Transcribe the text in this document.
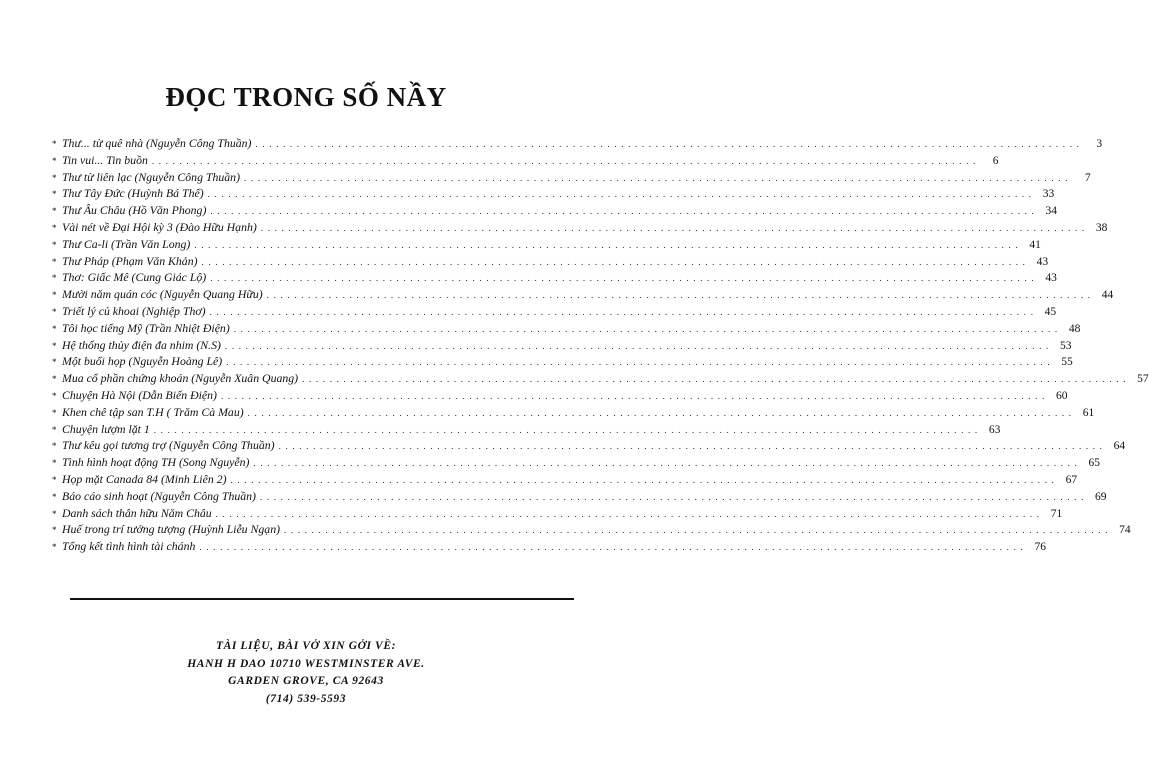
ĐỌC TRONG SỐ NẦY
* Thư... từ quê nhà (Nguyễn Công Thuần) . . . . . . . . . . . . . . . . . . . . . . . . . . . . . . . . . . . . . . . . . . . . . . . . . . . . . . . . . . . . . . . . . . . . . . . . . . . . . . . . . . . . . . . . . . . . . . . . . . . . . . . . . . . . . . . . . . . . . . . .	3
* Tin vui... Tin buồn . . . . . . . . . . . . . . . . . . . . . . . . . . . . . . . . . . . . . . . . . . . . . . . . . . . . . . . . . . . . . . . . . . . . . . . . . . . . . . . . . . . . . . . . . . . . . . . . . . . . . . . . . . . . . . . . . . . . . . . .	6
* Thư từ liên lạc (Nguyễn Công Thuần) . . . . . . . . . . . . . . . . . . . . . . . . . . . . . . . . . . . . . . . . . . . . . . . . . . . . . . . . . . . . . . . . . . . . . . . . . . . . . . . . . . . . . . . . . . . . . . . . . . . . . . . . . . . . . . . . . . . . . . . .	7
* Thư Tây Đức (Huỳnh Bá Thể) . . . . . . . . . . . . . . . . . . . . . . . . . . . . . . . . . . . . . . . . . . . . . . . . . . . . . . . . . . . . . . . . . . . . . . . . . . . . . . . . . . . . . . . . . . . . . . . . . . . . . . . . . . . . . . . . . . . . . . . . 33
* Thư Âu Châu (Hồ Văn Phong) . . . . . . . . . . . . . . . . . . . . . . . . . . . . . . . . . . . . . . . . . . . . . . . . . . . . . . . . . . . . . . . . . . . . . . . . . . . . . . . . . . . . . . . . . . . . . . . . . . . . . . . . . . . . . . . . . . . . . . . . 34
* Vài nét về Đại Hội kỳ 3 (Đào Hữu Hạnh) . . . . . . . . . . . . . . . . . . . . . . . . . . . . . . . . . . . . . . . . . . . . . . . . . . . . . . . . . . . . . . . . . . . . . . . . . . . . . . . . . . . . . . . . . . . . . . . . . . . . . . . . . . . . . . . . . . . . . . . . 38
* Thư Ca-li (Trần Văn Long) . . . . . . . . . . . . . . . . . . . . . . . . . . . . . . . . . . . . . . . . . . . . . . . . . . . . . . . . . . . . . . . . . . . . . . . . . . . . . . . . . . . . . . . . . . . . . . . . . . . . . . . . . . . . . . . . . . . . . . . . 41
* Thư Pháp (Phạm Văn Khản) . . . . . . . . . . . . . . . . . . . . . . . . . . . . . . . . . . . . . . . . . . . . . . . . . . . . . . . . . . . . . . . . . . . . . . . . . . . . . . . . . . . . . . . . . . . . . . . . . . . . . . . . . . . . . . . . . . . . . . . . 43
* Thơ: Giấc Mê (Cung Giác Lộ) . . . . . . . . . . . . . . . . . . . . . . . . . . . . . . . . . . . . . . . . . . . . . . . . . . . . . . . . . . . . . . . . . . . . . . . . . . . . . . . . . . . . . . . . . . . . . . . . . . . . . . . . . . . . . . . . . . . . . . . . 43
* Mười năm quán cóc (Nguyễn Quang Hữu) . . . . . . . . . . . . . . . . . . . . . . . . . . . . . . . . . . . . . . . . . . . . . . . . . . . . . . . . . . . . . . . . . . . . . . . . . . . . . . . . . . . . . . . . . . . . . . . . . . . . . . . . . . . . . . . . . . . . . . . . 44
* Triết lý củ khoai (Nghiệp Thơ) . . . . . . . . . . . . . . . . . . . . . . . . . . . . . . . . . . . . . . . . . . . . . . . . . . . . . . . . . . . . . . . . . . . . . . . . . . . . . . . . . . . . . . . . . . . . . . . . . . . . . . . . . . . . . . . . . . . . . . . . 45
* Tôi học tiếng Mỹ (Trần Nhiệt Điện) . . . . . . . . . . . . . . . . . . . . . . . . . . . . . . . . . . . . . . . . . . . . . . . . . . . . . . . . . . . . . . . . . . . . . . . . . . . . . . . . . . . . . . . . . . . . . . . . . . . . . . . . . . . . . . . . . . . . . . . . 48
* Hệ thống thủy điện đa nhim (N.S) . . . . . . . . . . . . . . . . . . . . . . . . . . . . . . . . . . . . . . . . . . . . . . . . . . . . . . . . . . . . . . . . . . . . . . . . . . . . . . . . . . . . . . . . . . . . . . . . . . . . . . . . . . . . . . . . . . . . . . . . 53
* Một buổi họp (Nguyễn Hoàng Lê) . . . . . . . . . . . . . . . . . . . . . . . . . . . . . . . . . . . . . . . . . . . . . . . . . . . . . . . . . . . . . . . . . . . . . . . . . . . . . . . . . . . . . . . . . . . . . . . . . . . . . . . . . . . . . . . . . . . . . . . . 55
* Mua cổ phần chứng khoán (Nguyễn Xuân Quang) . . . . . . . . . . . . . . . . . . . . . . . . . . . . . . . . . . . . . . . . . . . . . . . . . . . . . . . . . . . . . . . . . . . . . . . . . . . . . . . . . . . . . . . . . . . . . . . . . . . . . . . . . . . . . . . . . . . . . . . . 57
* Chuyện Hà Nội (Dẫn Biến Điện) . . . . . . . . . . . . . . . . . . . . . . . . . . . . . . . . . . . . . . . . . . . . . . . . . . . . . . . . . . . . . . . . . . . . . . . . . . . . . . . . . . . . . . . . . . . . . . . . . . . . . . . . . . . . . . . . . . . . . . . . 60
* Khen chê tập san T.H ( Trăm Cà Mau) . . . . . . . . . . . . . . . . . . . . . . . . . . . . . . . . . . . . . . . . . . . . . . . . . . . . . . . . . . . . . . . . . . . . . . . . . . . . . . . . . . . . . . . . . . . . . . . . . . . . . . . . . . . . . . . . . . . . . . . . 61
* Chuyện lượm lặt 1 . . . . . . . . . . . . . . . . . . . . . . . . . . . . . . . . . . . . . . . . . . . . . . . . . . . . . . . . . . . . . . . . . . . . . . . . . . . . . . . . . . . . . . . . . . . . . . . . . . . . . . . . . . . . . . . . . . . . . . . . 63
* Thư kêu gọi tương trợ (Nguyễn Công Thuần) . . . . . . . . . . . . . . . . . . . . . . . . . . . . . . . . . . . . . . . . . . . . . . . . . . . . . . . . . . . . . . . . . . . . . . . . . . . . . . . . . . . . . . . . . . . . . . . . . . . . . . . . . . . . . . . . . . . . . . . . 64
* Tình hình hoạt động TH (Song Nguyễn) . . . . . . . . . . . . . . . . . . . . . . . . . . . . . . . . . . . . . . . . . . . . . . . . . . . . . . . . . . . . . . . . . . . . . . . . . . . . . . . . . . . . . . . . . . . . . . . . . . . . . . . . . . . . . . . . . . . . . . . . 65
* Họp mặt Canada 84 (Minh Liên 2) . . . . . . . . . . . . . . . . . . . . . . . . . . . . . . . . . . . . . . . . . . . . . . . . . . . . . . . . . . . . . . . . . . . . . . . . . . . . . . . . . . . . . . . . . . . . . . . . . . . . . . . . . . . . . . . . . . . . . . . . 67
* Báo cáo sinh hoạt (Nguyễn Công Thuần) . . . . . . . . . . . . . . . . . . . . . . . . . . . . . . . . . . . . . . . . . . . . . . . . . . . . . . . . . . . . . . . . . . . . . . . . . . . . . . . . . . . . . . . . . . . . . . . . . . . . . . . . . . . . . . . . . . . . . . . . 69
* Danh sách thân hữu Năm Châu . . . . . . . . . . . . . . . . . . . . . . . . . . . . . . . . . . . . . . . . . . . . . . . . . . . . . . . . . . . . . . . . . . . . . . . . . . . . . . . . . . . . . . . . . . . . . . . . . . . . . . . . . . . . . . . . . . . . . . . . 71
* Huế trong trí tưởng tượng (Huỳnh Liễu Ngạn) . . . . . . . . . . . . . . . . . . . . . . . . . . . . . . . . . . . . . . . . . . . . . . . . . . . . . . . . . . . . . . . . . . . . . . . . . . . . . . . . . . . . . . . . . . . . . . . . . . . . . . . . . . . . . . . . . . . . . . . . 74
* Tổng kết tình hình tài chánh . . . . . . . . . . . . . . . . . . . . . . . . . . . . . . . . . . . . . . . . . . . . . . . . . . . . . . . . . . . . . . . . . . . . . . . . . . . . . . . . . . . . . . . . . . . . . . . . . . . . . . . . . . . . . . . . . . . . . . . . 76
TÀI LIỆU, BÀI VỞ XIN GỞI VỀ:
HANH H DAO 10710 WESTMINSTER AVE.
GARDEN GROVE, CA 92643
(714) 539-5593
